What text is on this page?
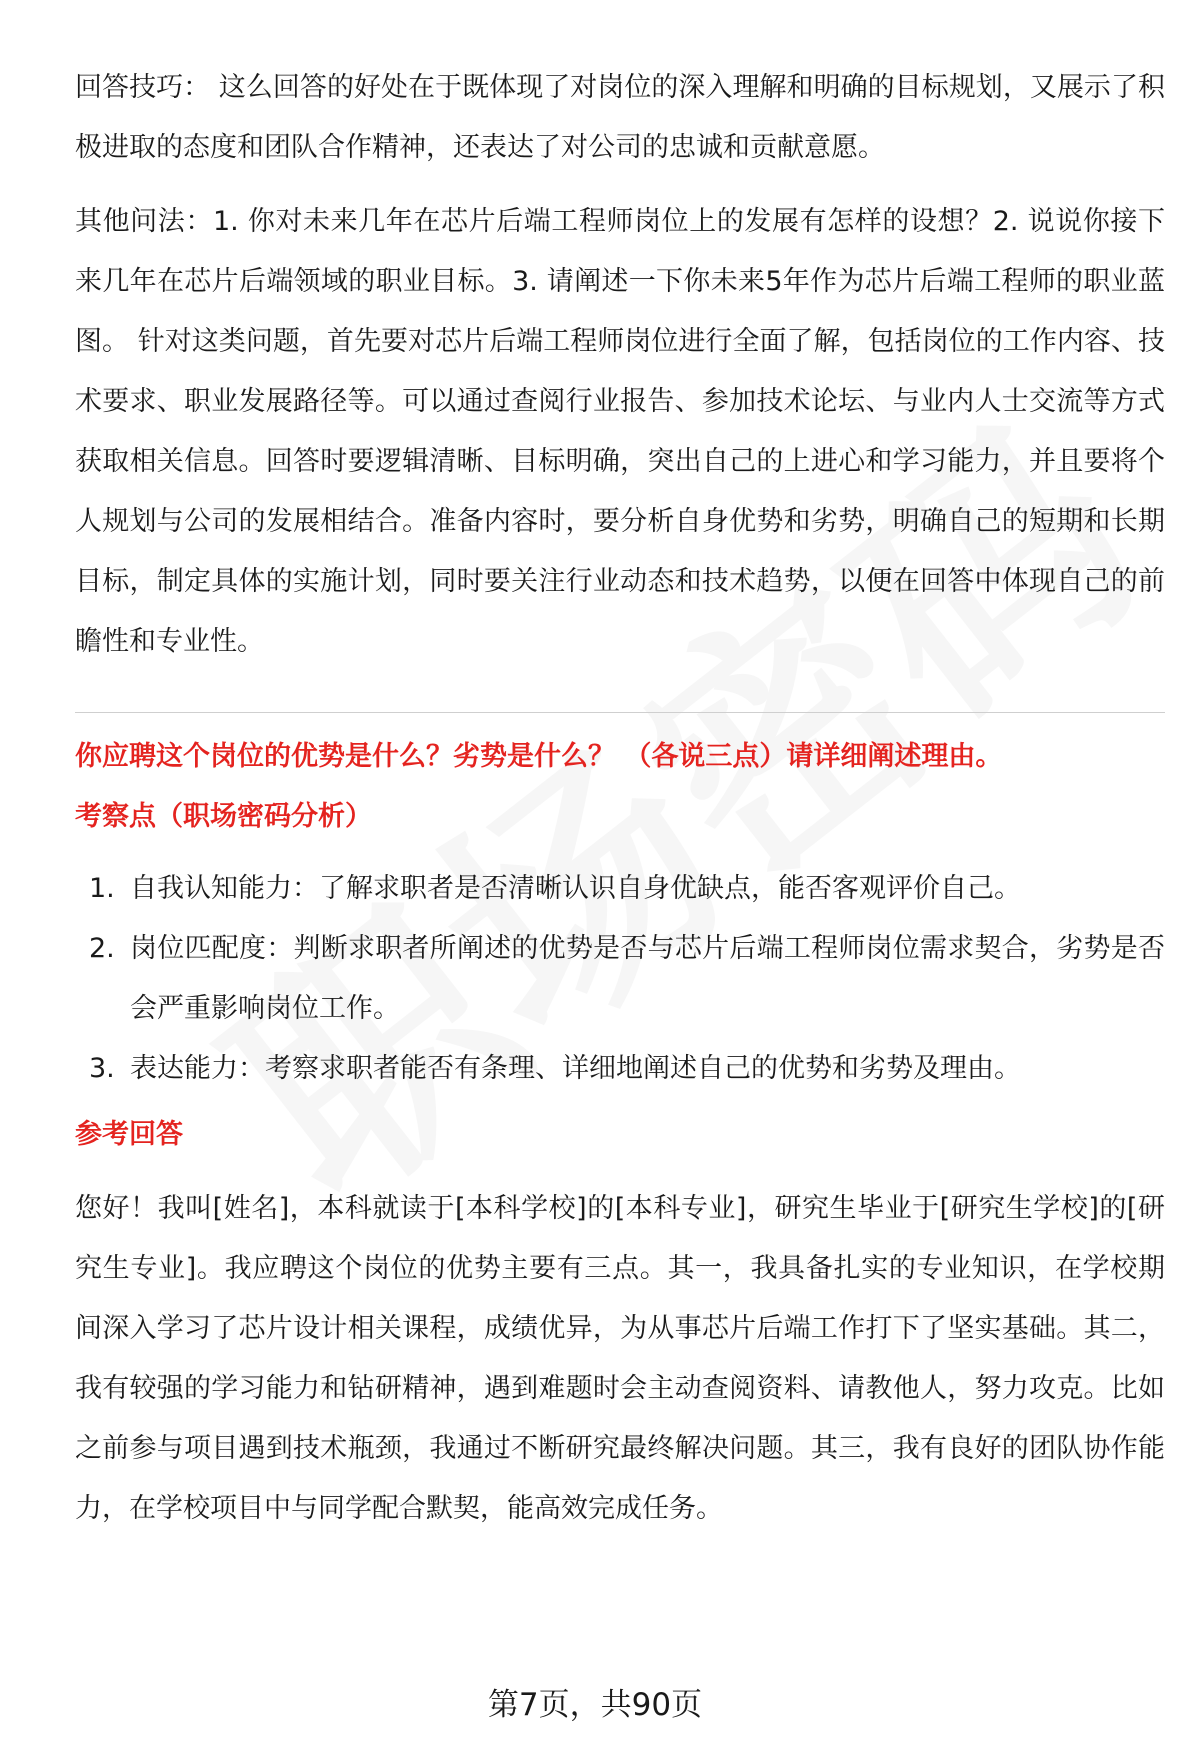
回答技巧： 这么回答的好处在于既体现了对岗位的深入理解和明确的目标规划，又展示了积极进取的态度和团队合作精神，还表达了对公司的忠诚和贡献意愿。

其他问法：1. 你对未来几年在芯片后端工程师岗位上的发展有怎样的设想？2. 说说你接下来几年在芯片后端领域的职业目标。3. 请阐述一下你未来5年作为芯片后端工程师的职业蓝图。 针对这类问题，首先要对芯片后端工程师岗位进行全面了解，包括岗位的工作内容、技术要求、职业发展路径等。可以通过查阅行业报告、参加技术论坛、与业内人士交流等方式获取相关信息。回答时要逻辑清晰、目标明确，突出自己的上进心和学习能力，并且要将个人规划与公司的发展相结合。准备内容时，要分析自身优势和劣势，明确自己的短期和长期目标，制定具体的实施计划，同时要关注行业动态和技术趋势，以便在回答中体现自己的前瞻性和专业性。

你应聘这个岗位的优势是什么？劣势是什么？ （各说三点）请详细阐述理由。

考察点（职场密码分析）

1. 自我认知能力：了解求职者是否清晰认识自身优缺点，能否客观评价自己。
2. 岗位匹配度：判断求职者所阐述的优势是否与芯片后端工程师岗位需求契合，劣势是否会严重影响岗位工作。
3. 表达能力：考察求职者能否有条理、详细地阐述自己的优势和劣势及理由。

参考回答

您好！我叫[姓名]，本科就读于[本科学校]的[本科专业]，研究生毕业于[研究生学校]的[研究生专业]。我应聘这个岗位的优势主要有三点。其一，我具备扎实的专业知识，在学校期间深入学习了芯片设计相关课程，成绩优异，为从事芯片后端工作打下了坚实基础。其二，我有较强的学习能力和钻研精神，遇到难题时会主动查阅资料、请教他人，努力攻克。比如之前参与项目遇到技术瓶颈，我通过不断研究最终解决问题。其三，我有良好的团队协作能力，在学校项目中与同学配合默契，能高效完成任务。

第7页，共90页
